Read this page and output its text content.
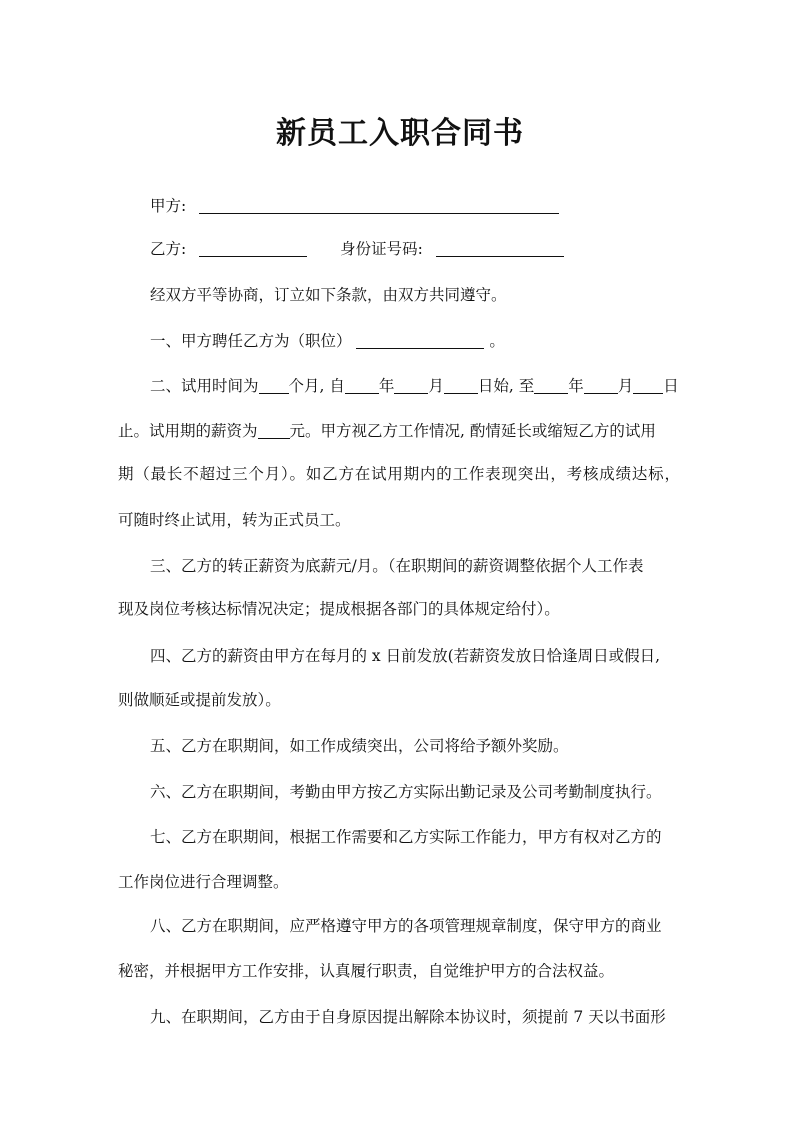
新员工入职合同书
甲方:
乙方:	身份证号码:
经双方平等协商，订立如下条款，由双方共同遵守。
一、甲方聘任乙方为（职位）	。
二、试用时间为 个月, 自 年 月 日始, 至 年 月 日
止。试用期的薪资为 元。甲方视乙方工作情况, 酌情延长或缩短乙方的试用
期（最长不超过三个月）。如乙方在试用期内的工作表现突出，考核成绩达标，
可随时终止试用，转为正式员工。
三、乙方的转正薪资为底薪元/月。（在职期间的薪资调整依据个人工作表
现及岗位考核达标情况决定；提成根据各部门的具体规定给付）。
四、乙方的薪资由甲方在每月的 x 日前发放(若薪资发放日恰逢周日或假日,
则做顺延或提前发放）。
五、乙方在职期间，如工作成绩突出，公司将给予额外奖励。
六、乙方在职期间，考勤由甲方按乙方实际出勤记录及公司考勤制度执行。
七、乙方在职期间，根据工作需要和乙方实际工作能力，甲方有权对乙方的
工作岗位进行合理调整。
八、乙方在职期间，应严格遵守甲方的各项管理规章制度，保守甲方的商业
秘密，并根据甲方工作安排，认真履行职责，自觉维护甲方的合法权益。
九、在职期间，乙方由于自身原因提出解除本协议时，须提前 7 天以书面形
